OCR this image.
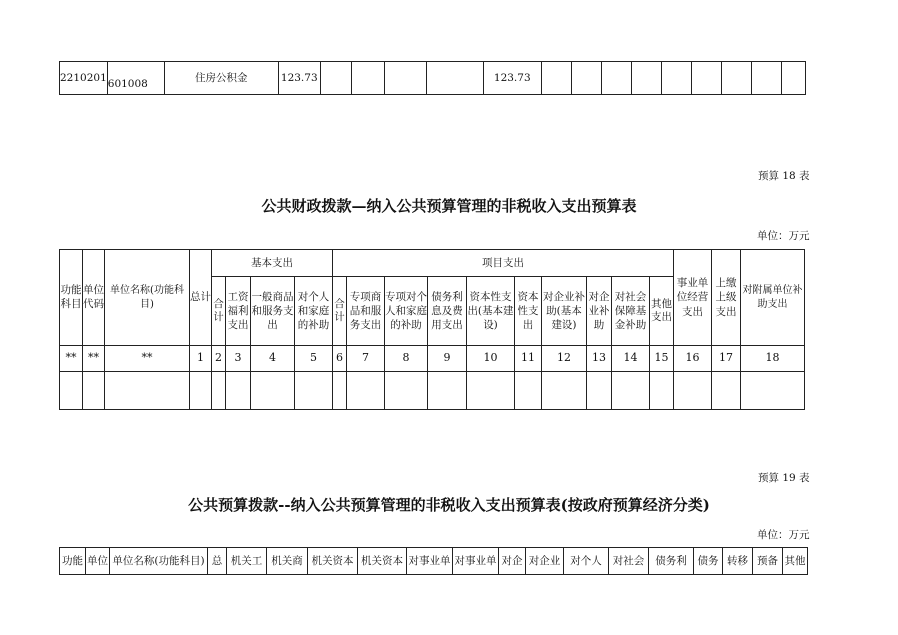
2210201	601008	住房公积金	123.73					123.73									
预算 18 表
公共财政拨款—纳入公共预算管理的非税收入支出预算表
单位：万元
功能科目	单位代码	单位名称(功能科目)	总计	基本支出				项目支出										事业单位经营支出	上缴上级支出	对附属单位补助支出
				合计	工资福利支出	一般商品和服务支出	对个人和家庭的补助	合计	专项商品和服务支出	专项对个人和家庭的补助	债务利息及费用支出	资本性支出(基本建设)	资本性支出	对企业补助(基本建设)	对企业补助	对社会保障基金补助	其他支出			
**	**	**	1	2	3	4	5	6	7	8	9	10	11	12	13	14	15	16	17	18

预算 19 表
公共预算拨款--纳入公共预算管理的非税收入支出预算表(按政府预算经济分类)
单位：万元
功能	单位	单位名称(功能科目)	总	机关工	机关商	机关资本	机关资本	对事业单	对事业单	对企	对企业	对个人	对社会	债务利	债务	转移	预备	其他
